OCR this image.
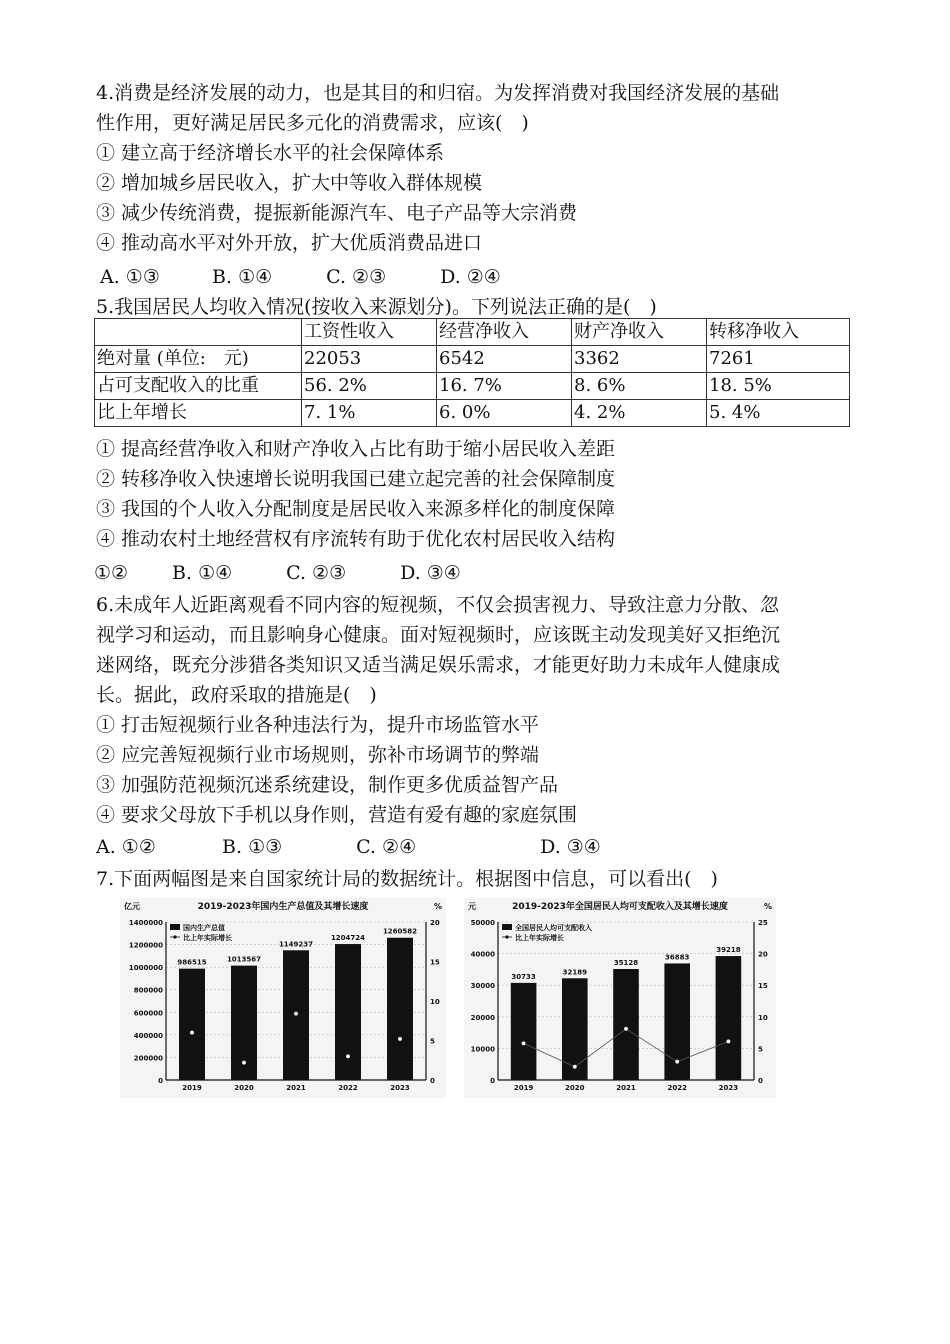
4.消费是经济发展的动力，也是其目的和归宿。为发挥消费对我国经济发展的基础
性作用，更好满足居民多元化的消费需求，应该(　)
① 建立高于经济增长水平的社会保障体系
② 增加城乡居民收入，扩大中等收入群体规模
③ 减少传统消费，提振新能源汽车、电子产品等大宗消费
④ 推动高水平对外开放，扩大优质消费品进口
A. ①③	B. ①④	C. ②③	D. ②④
5.我国居民人均收入情况(按收入来源划分)。下列说法正确的是(　)
	工资性收入	经营净收入	财产净收入	转移净收入
绝对量 (单位:　元)	22053	6542	3362	7261
占可支配收入的比重	56. 2%	16. 7%	8. 6%	18. 5%
比上年增长	7. 1%	6. 0%	4. 2%	5. 4%
① 提高经营净收入和财产净收入占比有助于缩小居民收入差距
② 转移净收入快速增长说明我国已建立起完善的社会保障制度
③ 我国的个人收入分配制度是居民收入来源多样化的制度保障
④ 推动农村土地经营权有序流转有助于优化农村居民收入结构
①② B. ①④	C. ②③	D. ③④
6.未成年人近距离观看不同内容的短视频，不仅会损害视力、导致注意力分散、忽
视学习和运动，而且影响身心健康。面对短视频时，应该既主动发现美好又拒绝沉
迷网络，既充分涉猎各类知识又适当满足娱乐需求，才能更好助力未成年人健康成
长。据此，政府采取的措施是(　)
① 打击短视频行业各种违法行为，提升市场监管水平
② 应完善短视频行业市场规则，弥补市场调节的弊端
③ 加强防范视频沉迷系统建设，制作更多优质益智产品
④ 要求父母放下手机以身作则，营造有爱有趣的家庭氛围
A. ①②	B. ①③	C. ②④	D. ③④
7.下面两幅图是来自国家统计局的数据统计。根据图中信息，可以看出(　)
2019-2023年国内生产总值及其增长速度
亿元	%
0
200000
400000
600000
800000
1000000
1200000
1400000
0
5
10
15
20
986515
2019
1013567
2020
1149237
2021
1204724
2022
1260582
2023
国内生产总值
比上年实际增长
2019-2023年全国居民人均可支配收入及其增长速度
元	%
0
10000
20000
30000
40000
50000
0
5
10
15
20
25
30733
2019
32189
2020
35128
2021
36883
2022
39218
2023
全国居民人均可支配收入
比上年实际增长
